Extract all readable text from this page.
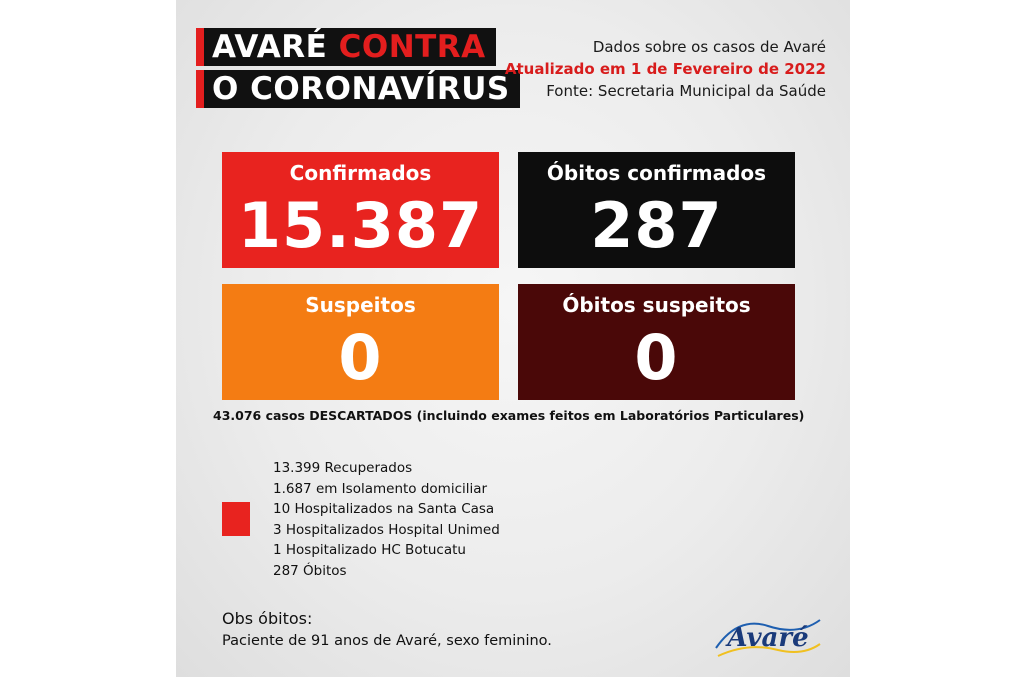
AVARÉ CONTRA
O CORONAVÍRUS
Dados sobre os casos de Avaré
Atualizado em 1 de Fevereiro de 2022
Fonte: Secretaria Municipal da Saúde
Confirmados
15.387
Óbitos confirmados
287
Suspeitos
0
Óbitos suspeitos
0
43.076 casos DESCARTADOS (incluindo exames feitos em Laboratórios Particulares)
13.399 Recuperados
1.687 em Isolamento domiciliar
10 Hospitalizados na Santa Casa
3 Hospitalizados Hospital Unimed
1 Hospitalizado HC Botucatu
287 Óbitos
Obs óbitos:
Paciente de 91 anos de Avaré, sexo feminino.	Avaré
